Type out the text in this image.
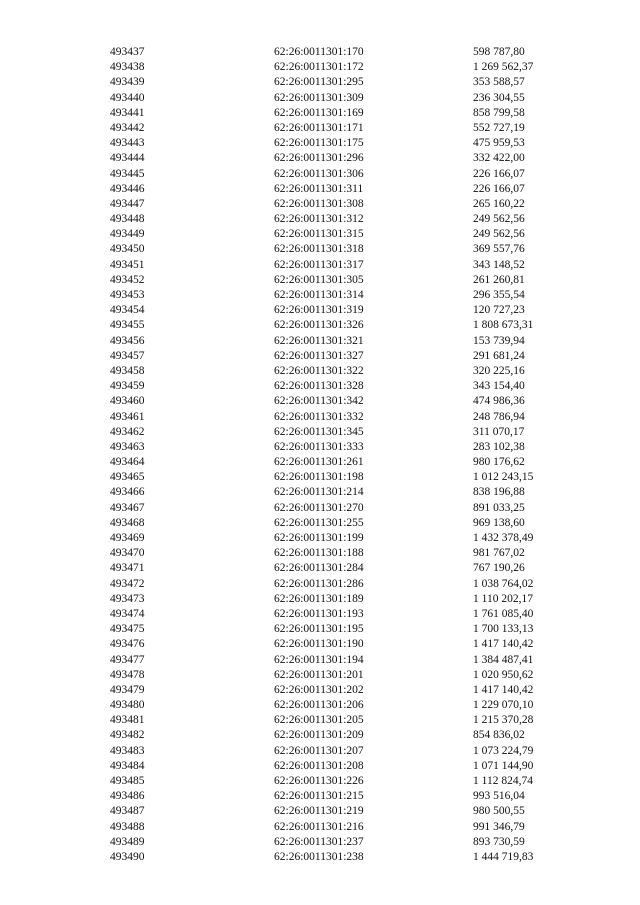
493437	62:26:0011301:170	598 787,80
493438	62:26:0011301:172	1 269 562,37
493439	62:26:0011301:295	353 588,57
493440	62:26:0011301:309	236 304,55
493441	62:26:0011301:169	858 799,58
493442	62:26:0011301:171	552 727,19
493443	62:26:0011301:175	475 959,53
493444	62:26:0011301:296	332 422,00
493445	62:26:0011301:306	226 166,07
493446	62:26:0011301:311	226 166,07
493447	62:26:0011301:308	265 160,22
493448	62:26:0011301:312	249 562,56
493449	62:26:0011301:315	249 562,56
493450	62:26:0011301:318	369 557,76
493451	62:26:0011301:317	343 148,52
493452	62:26:0011301:305	261 260,81
493453	62:26:0011301:314	296 355,54
493454	62:26:0011301:319	120 727,23
493455	62:26:0011301:326	1 808 673,31
493456	62:26:0011301:321	153 739,94
493457	62:26:0011301:327	291 681,24
493458	62:26:0011301:322	320 225,16
493459	62:26:0011301:328	343 154,40
493460	62:26:0011301:342	474 986,36
493461	62:26:0011301:332	248 786,94
493462	62:26:0011301:345	311 070,17
493463	62:26:0011301:333	283 102,38
493464	62:26:0011301:261	980 176,62
493465	62:26:0011301:198	1 012 243,15
493466	62:26:0011301:214	838 196,88
493467	62:26:0011301:270	891 033,25
493468	62:26:0011301:255	969 138,60
493469	62:26:0011301:199	1 432 378,49
493470	62:26:0011301:188	981 767,02
493471	62:26:0011301:284	767 190,26
493472	62:26:0011301:286	1 038 764,02
493473	62:26:0011301:189	1 110 202,17
493474	62:26:0011301:193	1 761 085,40
493475	62:26:0011301:195	1 700 133,13
493476	62:26:0011301:190	1 417 140,42
493477	62:26:0011301:194	1 384 487,41
493478	62:26:0011301:201	1 020 950,62
493479	62:26:0011301:202	1 417 140,42
493480	62:26:0011301:206	1 229 070,10
493481	62:26:0011301:205	1 215 370,28
493482	62:26:0011301:209	854 836,02
493483	62:26:0011301:207	1 073 224,79
493484	62:26:0011301:208	1 071 144,90
493485	62:26:0011301:226	1 112 824,74
493486	62:26:0011301:215	993 516,04
493487	62:26:0011301:219	980 500,55
493488	62:26:0011301:216	991 346,79
493489	62:26:0011301:237	893 730,59
493490	62:26:0011301:238	1 444 719,83
